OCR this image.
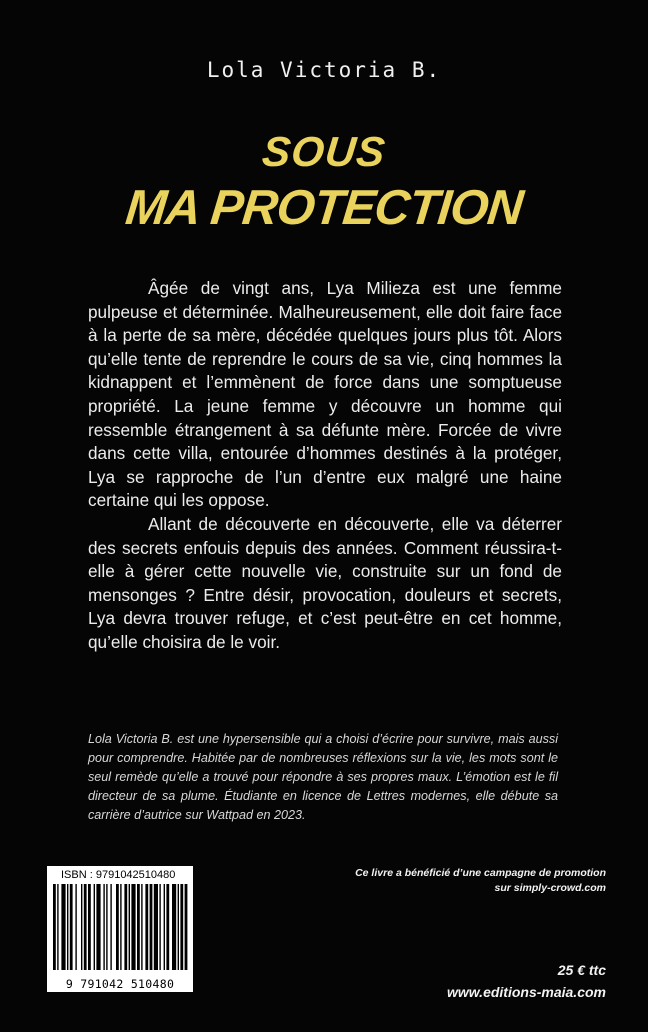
Lola Victoria B.
SOUS
MA PROTECTION

Âgée de vingt ans, Lya Milieza est une femme pulpeuse et déterminée. Malheureusement, elle doit faire face à la perte de sa mère, décédée quelques jours plus tôt. Alors qu’elle tente de reprendre le cours de sa vie, cinq hommes la kidnappent et l’emmènent de force dans une somptueuse propriété. La jeune femme y découvre un homme qui ressemble étrangement à sa défunte mère. Forcée de vivre dans cette villa, entourée d’hommes destinés à la protéger, Lya se rapproche de l’un d’entre eux malgré une haine certaine qui les oppose.

Allant de découverte en découverte, elle va déterrer des secrets enfouis depuis des années. Comment réussira-t-elle à gérer cette nouvelle vie, construite sur un fond de mensonges ? Entre désir, provocation, douleurs et secrets, Lya devra trouver refuge, et c’est peut-être en cet homme, qu’elle choisira de le voir.

Lola Victoria B. est une hypersensible qui a choisi d’écrire pour survivre, mais aussi pour comprendre. Habitée par de nombreuses réflexions sur la vie, les mots sont le seul remède qu’elle a trouvé pour répondre à ses propres maux. L’émotion est le fil directeur de sa plume. Étudiante en licence de Lettres modernes, elle débute sa carrière d’autrice sur Wattpad en 2023.
Ce livre a bénéficié d’une campagne de promotion
sur simply-crowd.com
ISBN : 9791042510480
9 791042 510480
25 € ttc
www.editions-maia.com
